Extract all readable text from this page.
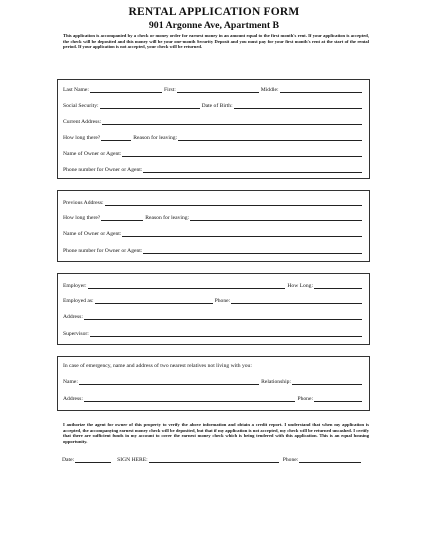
RENTAL APPLICATION FORM
901 Argonne Ave, Apartment B
This application is accompanied by a check or money order for earnest money in an amount equal to the first month's rent. If your application is accepted, the check will be deposited and this money will be your one-month Security Deposit and you must pay for your first month's rent at the start of the rental period. If your application is not accepted, your check will be returned.
Last Name:	First:	Middle:
Social Security:	Date of Birth:
Current Address:
How long there?	Reason for leaving:
Name of Owner or Agent:
Phone number for Owner or Agent:
Previous Address:
How long there?	Reason for leaving:
Name of Owner or Agent:
Phone number for Owner or Agent:
Employer:	How Long:
Employed as:	Phone:
Address:
Supervisor:
In case of emergency, name and address of two nearest relatives not living with you:
Name:	Relationship:
Address:	Phone:
I authorize the agent for owner of this property to verify the above information and obtain a credit report. I understand that when my application is accepted, the accompanying earnest money check will be deposited, but that if my application is not accepted, my check will be returned uncashed. I certify that there are sufficient funds in my account to cover the earnest money check which is being tendered with this application. This is an equal housing opportunity.
Date:	SIGN HERE:	Phone:
